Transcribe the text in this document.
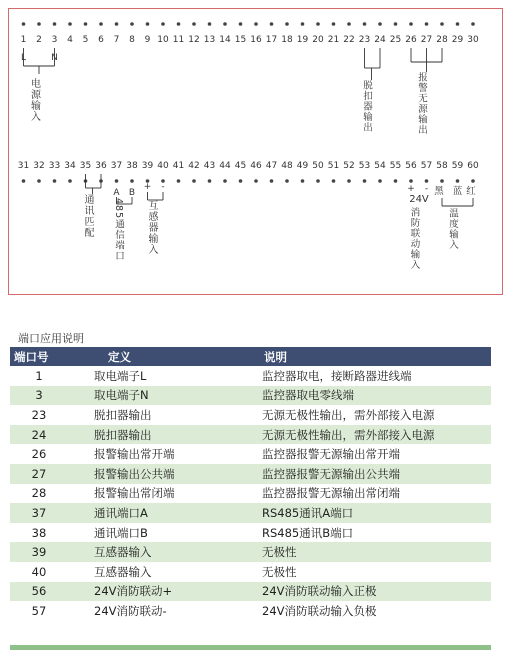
1 2 3 4 5 6 7 8 9 10 11 12 13 14 15 16 17 18 19 20 21 22 23 24 25 26 27 28 29 30
31 32 33 34 35 36 37 38 39 40 41 42 43 44 45 46 47 48 49 50 51 52 53 54 55 56 57 58 59 60
L	N
电源输入	脱扣器输出	报警无源输出
通讯匹配
A B
485通信端口
+ -
互感器输入
+ -
24V
消防联动输入
黑 蓝 红
温度输入
端口应用说明
端口号	定义	说明
1	取电端子L	监控器取电，接断路器进线端
3	取电端子N	监控器取电零线端
23	脱扣器输出	无源无极性输出，需外部接入电源
24	脱扣器输出	无源无极性输出，需外部接入电源
26	报警输出常开端	监控器报警无源输出常开端
27	报警输出公共端	监控器报警无源输出公共端
28	报警输出常闭端	监控器报警无源输出常闭端
37	通讯端口A	RS485通讯A端口
38	通讯端口B	RS485通讯B端口
39	互感器输入	无极性
40	互感器输入	无极性
56	24V消防联动+	24V消防联动输入正极
57	24V消防联动-	24V消防联动输入负极
